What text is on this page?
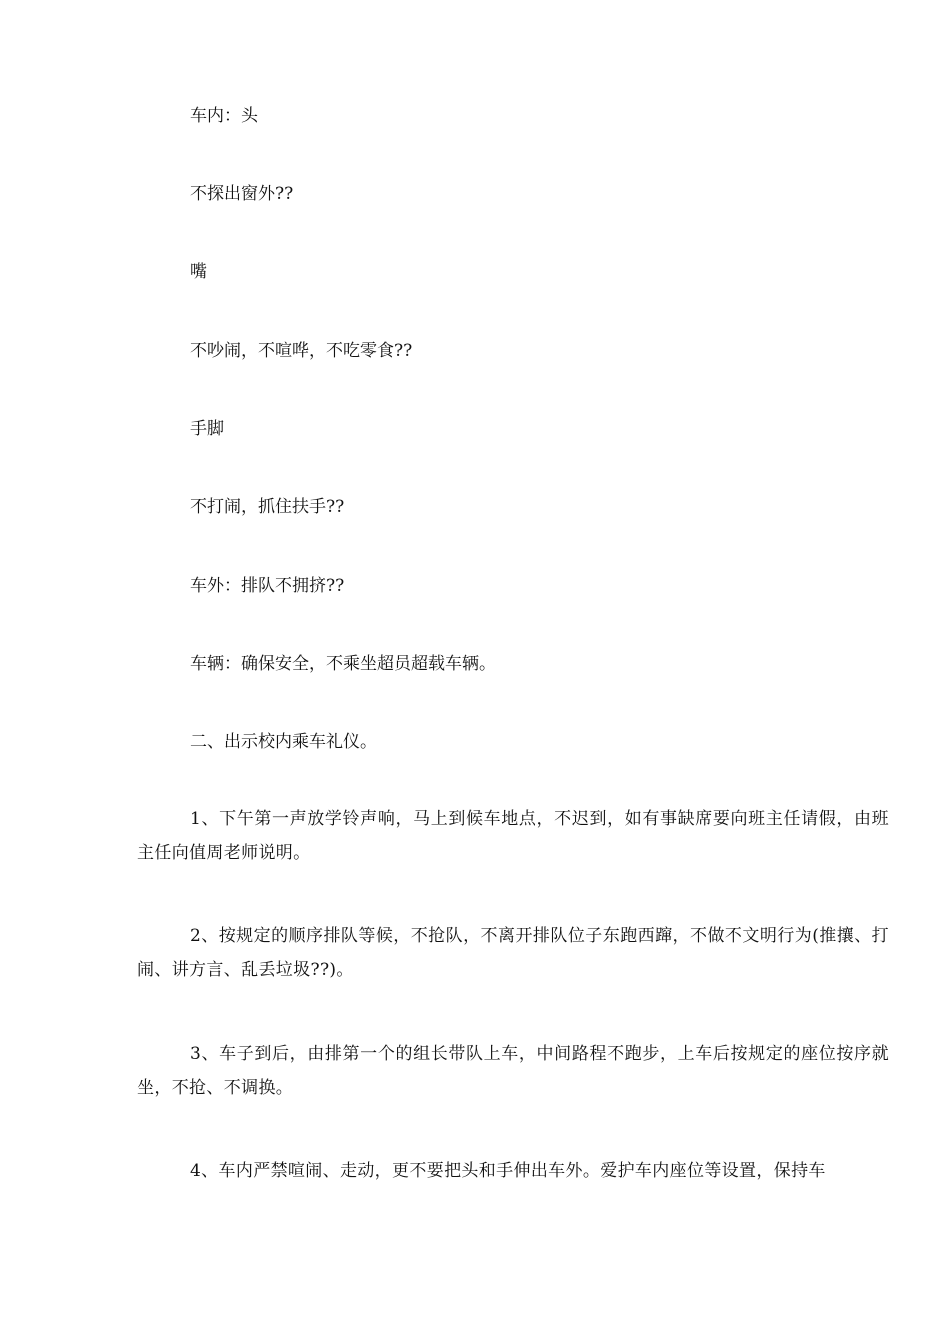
车内：头
不探出窗外??
嘴
不吵闹，不喧哗，不吃零食??
手脚
不打闹，抓住扶手??
车外：排队不拥挤??
车辆：确保安全，不乘坐超员超载车辆。
二、出示校内乘车礼仪。
1、下午第一声放学铃声响，马上到候车地点，不迟到，如有事缺席要向班主任请假，由班主任向值周老师说明。
2、按规定的顺序排队等候，不抢队，不离开排队位子东跑西蹿，不做不文明行为(推攘、打闹、讲方言、乱丢垃圾??)。
3、车子到后，由排第一个的组长带队上车，中间路程不跑步，上车后按规定的座位按序就坐，不抢、不调换。
4、车内严禁喧闹、走动，更不要把头和手伸出车外。爱护车内座位等设置，保持车
